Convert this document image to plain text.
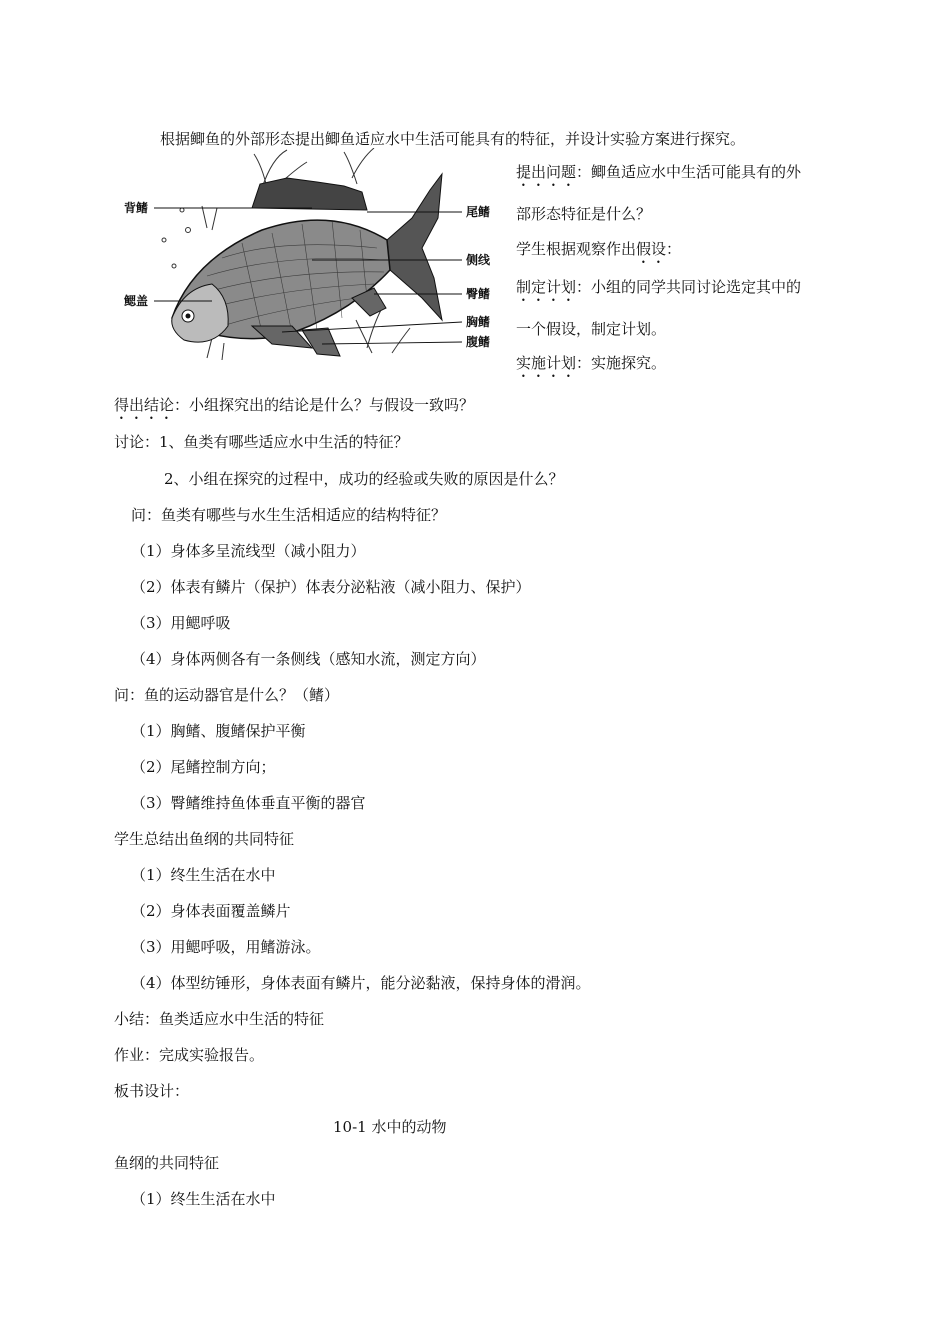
根据鲫鱼的外部形态提出鲫鱼适应水中生活可能具有的特征，并设计实验方案进行探究。
背鳍
鳃盖
尾鳍
侧线
臀鳍
胸鳍
腹鳍
提出问题：鲫鱼适应水中生活可能具有的外
部形态特征是什么？
学生根据观察作出假设：
制定计划：小组的同学共同讨论选定其中的
一个假设，制定计划。
实施计划：实施探究。
得出结论：小组探究出的结论是什么？与假设一致吗？
讨论：1、鱼类有哪些适应水中生活的特征？
2、小组在探究的过程中，成功的经验或失败的原因是什么？
问：鱼类有哪些与水生生活相适应的结构特征？
（1）身体多呈流线型（减小阻力）
（2）体表有鳞片（保护）体表分泌粘液（减小阻力、保护）
（3）用鳃呼吸
（4）身体两侧各有一条侧线（感知水流，测定方向）
问：鱼的运动器官是什么？（鳍）
（1）胸鳍、腹鳍保护平衡
（2）尾鳍控制方向；
（3）臀鳍维持鱼体垂直平衡的器官
学生总结出鱼纲的共同特征
（1）终生生活在水中
（2）身体表面覆盖鳞片
（3）用鳃呼吸，用鳍游泳。
（4）体型纺锤形，身体表面有鳞片，能分泌黏液，保持身体的滑润。
小结：鱼类适应水中生活的特征
作业：完成实验报告。
板书设计：
10-1 水中的动物
鱼纲的共同特征
（1）终生生活在水中
